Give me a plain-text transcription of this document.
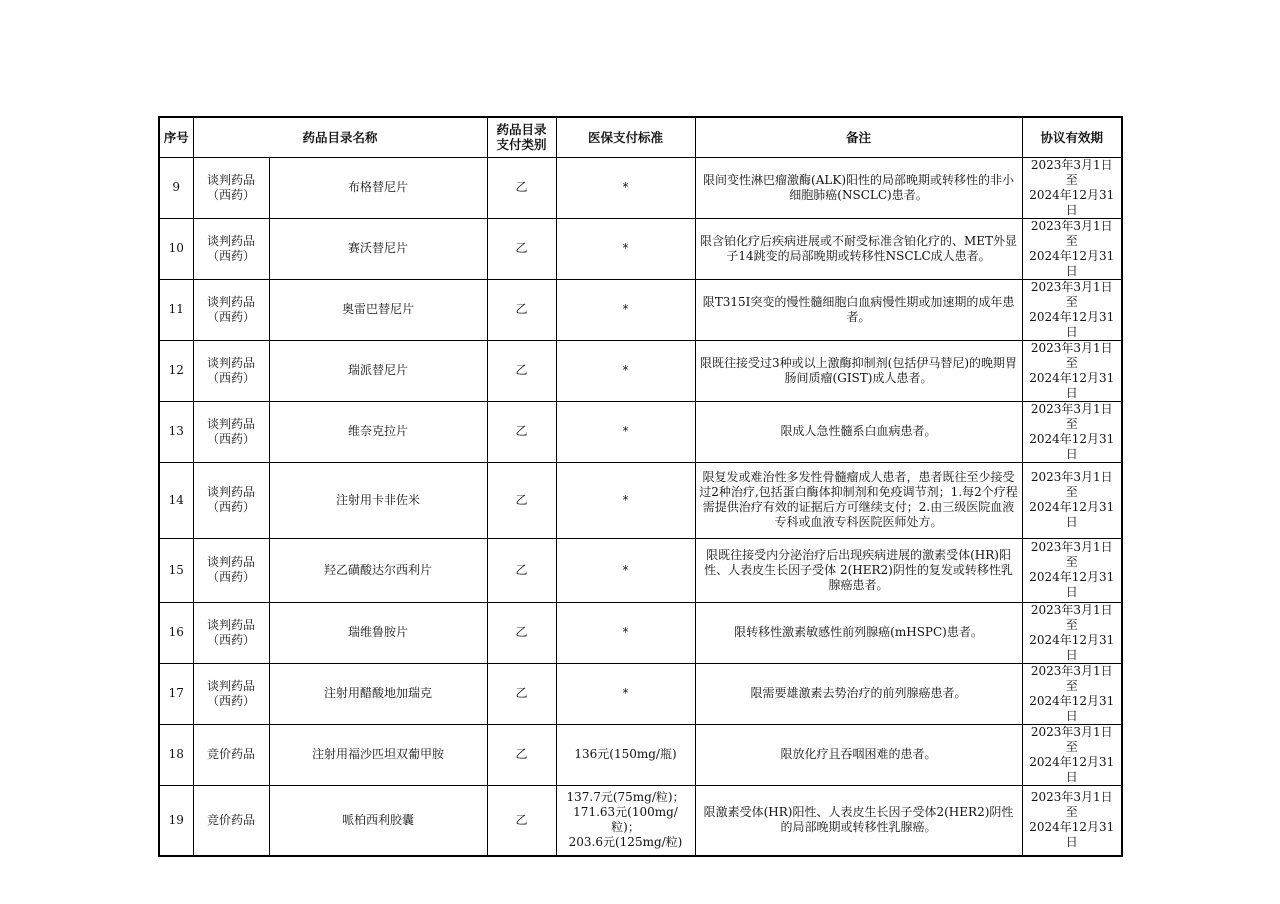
序号	药品目录名称		药品目录
支付类别	医保支付标准	备注	协议有效期
9	谈判药品
（西药）	布格替尼片	乙	*	限间变性淋巴瘤激酶(ALK)阳性的局部晚期或转移性的非小细胞肺癌(NSCLC)患者。	2023年3月1日至
2024年12月31日

10	谈判药品
（西药）	赛沃替尼片	乙	*	限含铂化疗后疾病进展或不耐受标准含铂化疗的、MET外显子14跳变的局部晚期或转移性NSCLC成人患者。	2023年3月1日至
2024年12月31日

11	谈判药品
（西药）	奥雷巴替尼片	乙	*	限T315I突变的慢性髓细胞白血病慢性期或加速期的成年患者。	2023年3月1日至
2024年12月31日

12	谈判药品
（西药）	瑞派替尼片	乙	*	限既往接受过3种或以上激酶抑制剂(包括伊马替尼)的晚期胃肠间质瘤(GIST)成人患者。	2023年3月1日至
2024年12月31日

13	谈判药品
（西药）	维奈克拉片	乙	*	限成人急性髓系白血病患者。	2023年3月1日至
2024年12月31日

14	谈判药品
（西药）	注射用卡非佐米	乙	*	限复发或难治性多发性骨髓瘤成人患者，患者既往至少接受过2种治疗,包括蛋白酶体抑制剂和免疫调节剂；1.每2个疗程需提供治疗有效的证据后方可继续支付；2.由三级医院血液专科或血液专科医院医师处方。	2023年3月1日至
2024年12月31日

15	谈判药品
（西药）	羟乙磺酸达尔西利片	乙	*	限既往接受内分泌治疗后出现疾病进展的激素受体(HR)阳性、人表皮生长因子受体 2(HER2)阴性的复发或转移性乳腺癌患者。	2023年3月1日至
2024年12月31日

16	谈判药品
（西药）	瑞维鲁胺片	乙	*	限转移性激素敏感性前列腺癌(mHSPC)患者。	2023年3月1日至
2024年12月31日

17	谈判药品
（西药）	注射用醋酸地加瑞克	乙	*	限需要雄激素去势治疗的前列腺癌患者。	2023年3月1日至
2024年12月31日

18	竞价药品	注射用福沙匹坦双葡甲胺	乙	136元(150mg/瓶)	限放化疗且吞咽困难的患者。	2023年3月1日至
2024年12月31日

19	竞价药品	哌柏西利胶囊	乙	137.7元(75mg/粒)；
171.63元(100mg/粒)；
203.6元(125mg/粒)	限激素受体(HR)阳性、人表皮生长因子受体2(HER2)阴性的局部晚期或转移性乳腺癌。	2023年3月1日至
2024年12月31日
